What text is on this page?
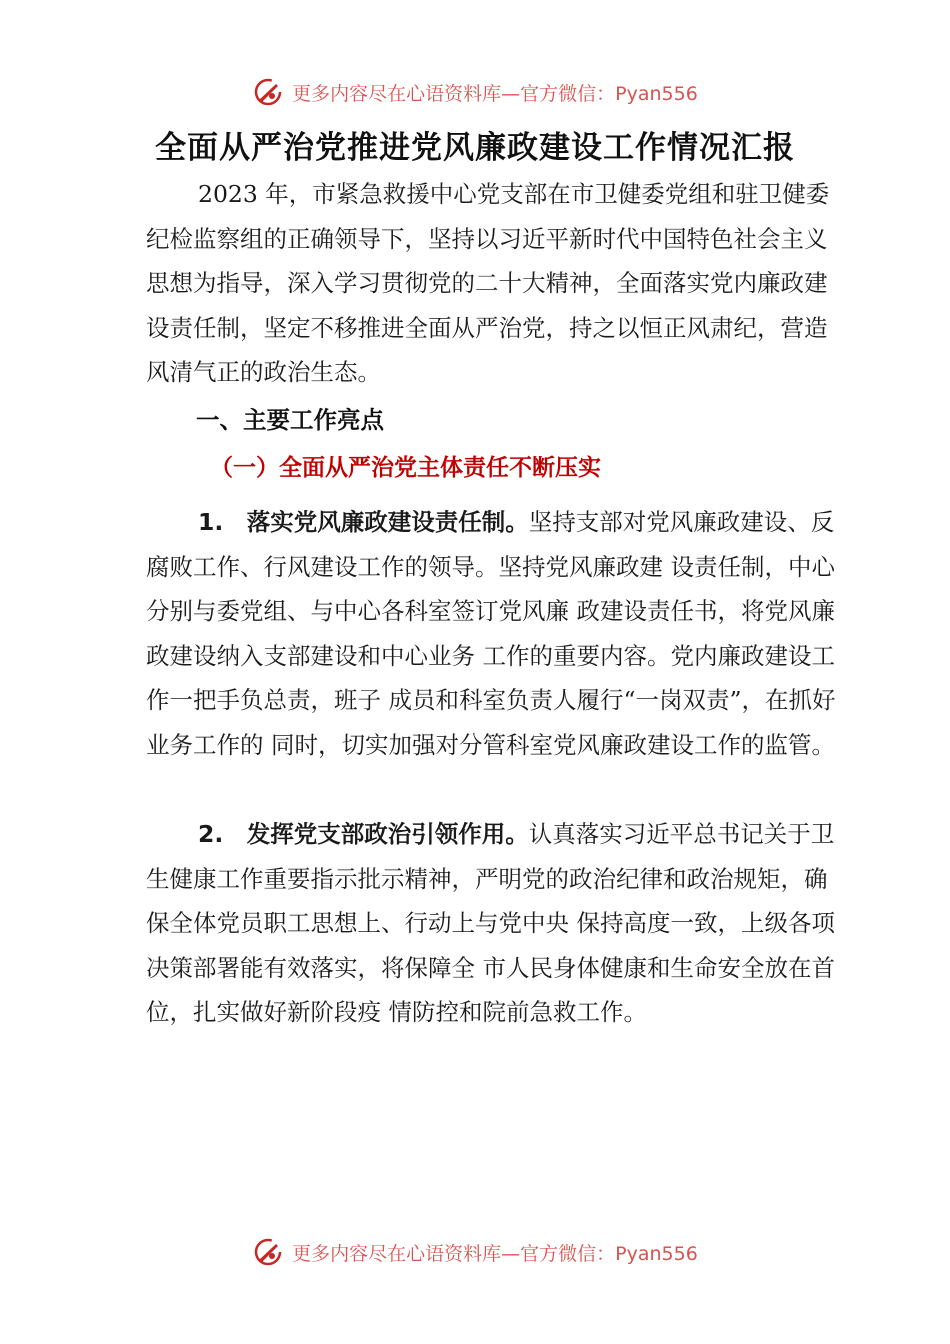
更多内容尽在心语资料库—官方微信：Pyan556
全面从严治党推进党风廉政建设工作情况汇报
2023 年，市紧急救援中心党支部在市卫健委党组和驻卫健委纪检监察组的正确领导下，坚持以习近平新时代中国特色社会主义思想为指导，深入学习贯彻党的二十大精神，全面落实党内廉政建设责任制，坚定不移推进全面从严治党，持之以恒正风肃纪，营造风清气正的政治生态。
一、主要工作亮点
（一）全面从严治党主体责任不断压实
1.　落实党风廉政建设责任制。坚持支部对党风廉政建设、反腐败工作、行风建设工作的领导。坚持党风廉政建 设责任制，中心分别与委党组、与中心各科室签订党风廉 政建设责任书，将党风廉政建设纳入支部建设和中心业务 工作的重要内容。党内廉政建设工作一把手负总责，班子 成员和科室负责人履行“一岗双责”，在抓好业务工作的 同时，切实加强对分管科室党风廉政建设工作的监管。
2.　发挥党支部政治引领作用。认真落实习近平总书记关于卫生健康工作重要指示批示精神，严明党的政治纪律和政治规矩，确保全体党员职工思想上、行动上与党中央 保持高度一致，上级各项决策部署能有效落实，将保障全 市人民身体健康和生命安全放在首位，扎实做好新阶段疫 情防控和院前急救工作。
更多内容尽在心语资料库—官方微信：Pyan556
